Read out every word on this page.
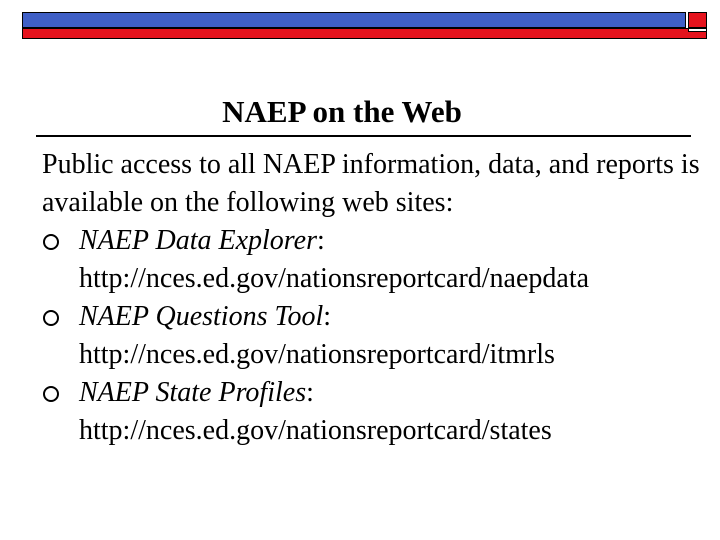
NAEP on the Web

Public access to all NAEP information, data, and reports is available on the following web sites:

NAEP Data Explorer:
http://nces.ed.gov/nationsreportcard/naepdata
NAEP Questions Tool:
http://nces.ed.gov/nationsreportcard/itmrls
NAEP State Profiles:
http://nces.ed.gov/nationsreportcard/states
